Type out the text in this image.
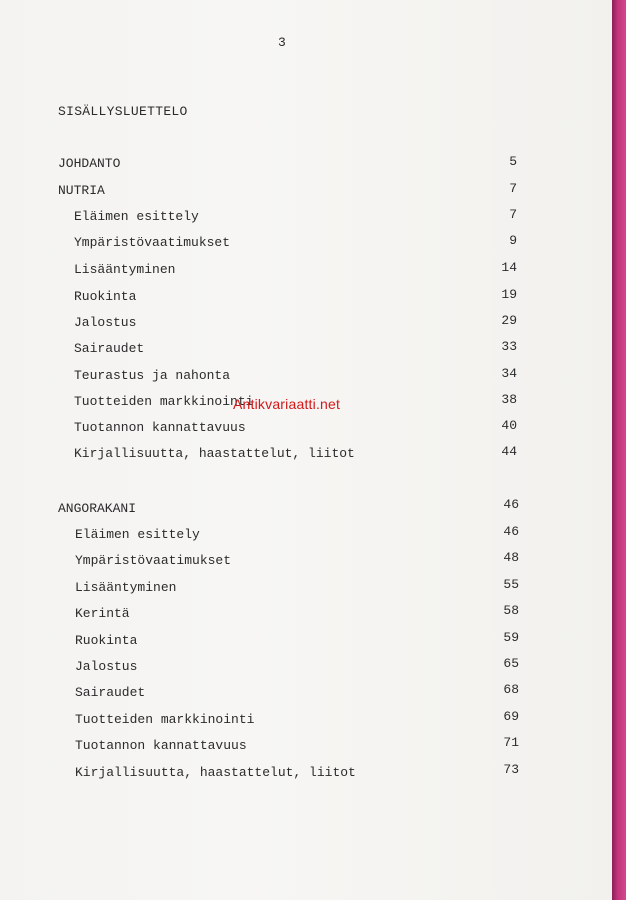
3
SISÄLLYSLUETTELO
JOHDANTO	5
NUTRIA	7
Eläimen esittely	7
Ympäristövaatimukset	9
Lisääntyminen	14
Ruokinta	19
Jalostus	29
Sairaudet	33
Teurastus ja nahonta	34
Tuotteiden markkinointi	38
Tuotannon kannattavuus	40
Kirjallisuutta, haastattelut, liitot	44
ANGORAKANI	46
Eläimen esittely	46
Ympäristövaatimukset	48
Lisääntyminen	55
Kerintä	58
Ruokinta	59
Jalostus	65
Sairaudet	68
Tuotteiden markkinointi	69
Tuotannon kannattavuus	71
Kirjallisuutta, haastattelut, liitot	73
Antikvariaatti.net
